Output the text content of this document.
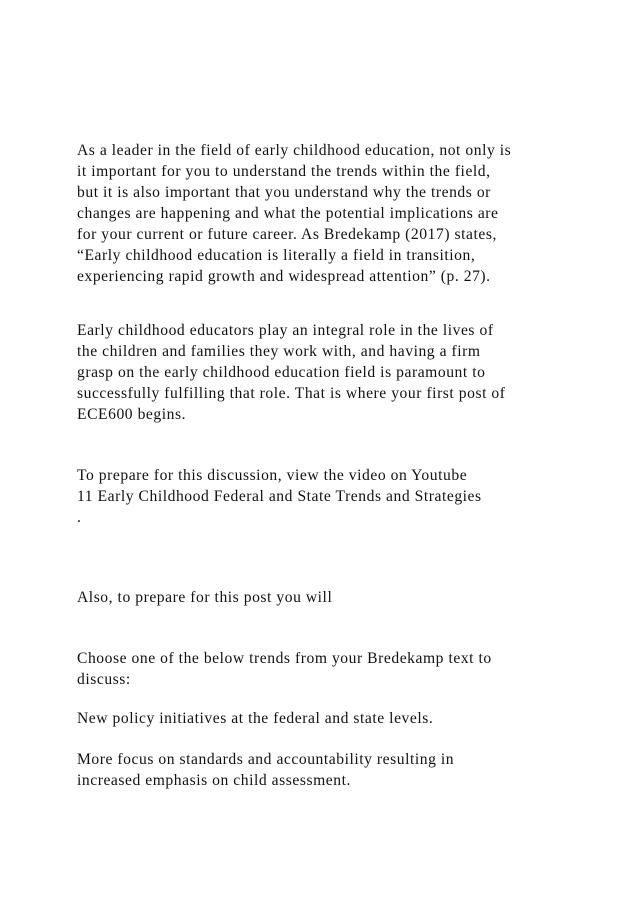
As a leader in the field of early childhood education, not only is
it important for you to understand the trends within the field,
but it is also important that you understand why the trends or
changes are happening and what the potential implications are
for your current or future career. As Bredekamp (2017) states,
“Early childhood education is literally a field in transition,
experiencing rapid growth and widespread attention” (p. 27).
Early childhood educators play an integral role in the lives of
the children and families they work with, and having a firm
grasp on the early childhood education field is paramount to
successfully fulfilling that role. That is where your first post of
ECE600 begins.
To prepare for this discussion, view the video on Youtube
11 Early Childhood Federal and State Trends and Strategies
.
Also, to prepare for this post you will
Choose one of the below trends from your Bredekamp text to
discuss:
New policy initiatives at the federal and state levels.
More focus on standards and accountability resulting in
increased emphasis on child assessment.
